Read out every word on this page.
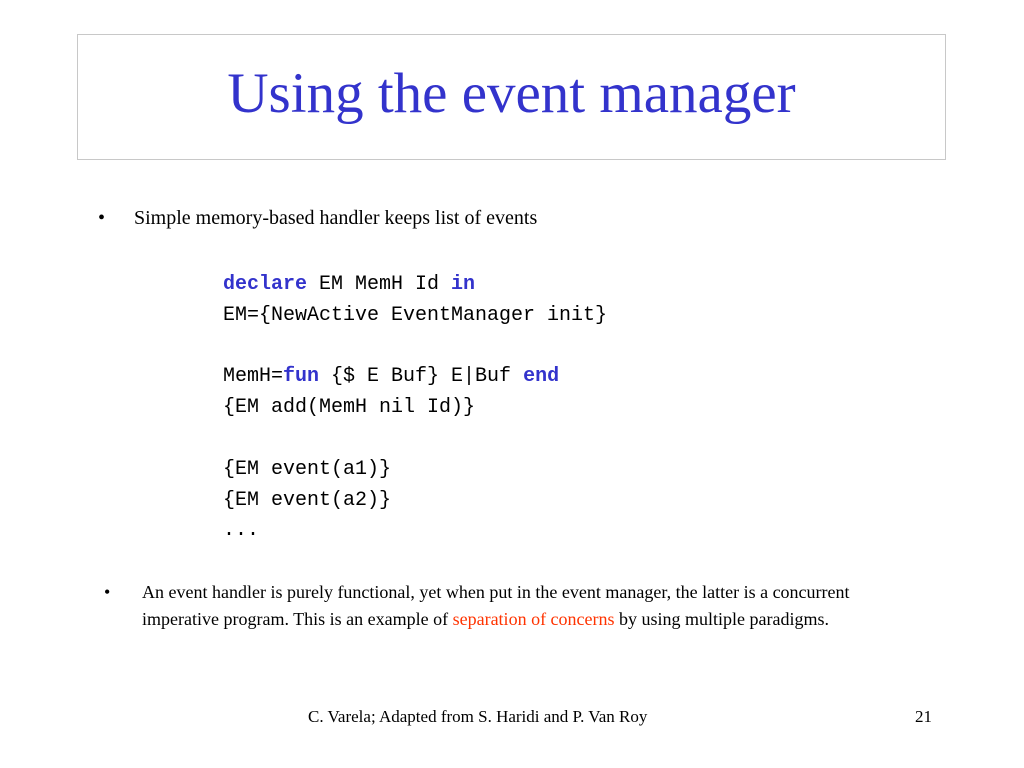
Using the event manager
• Simple memory-based handler keeps list of events
declare EM MemH Id in
EM={NewActive EventManager init}
MemH=fun {$ E Buf} E|Buf end
{EM add(MemH nil Id)}
{EM event(a1)}
{EM event(a2)}
...
• An event handler is purely functional, yet when put in the event manager, the latter is a concurrent imperative program. This is an example of separation of concerns by using multiple paradigms.
C. Varela; Adapted from S. Haridi and P. Van Roy	21
